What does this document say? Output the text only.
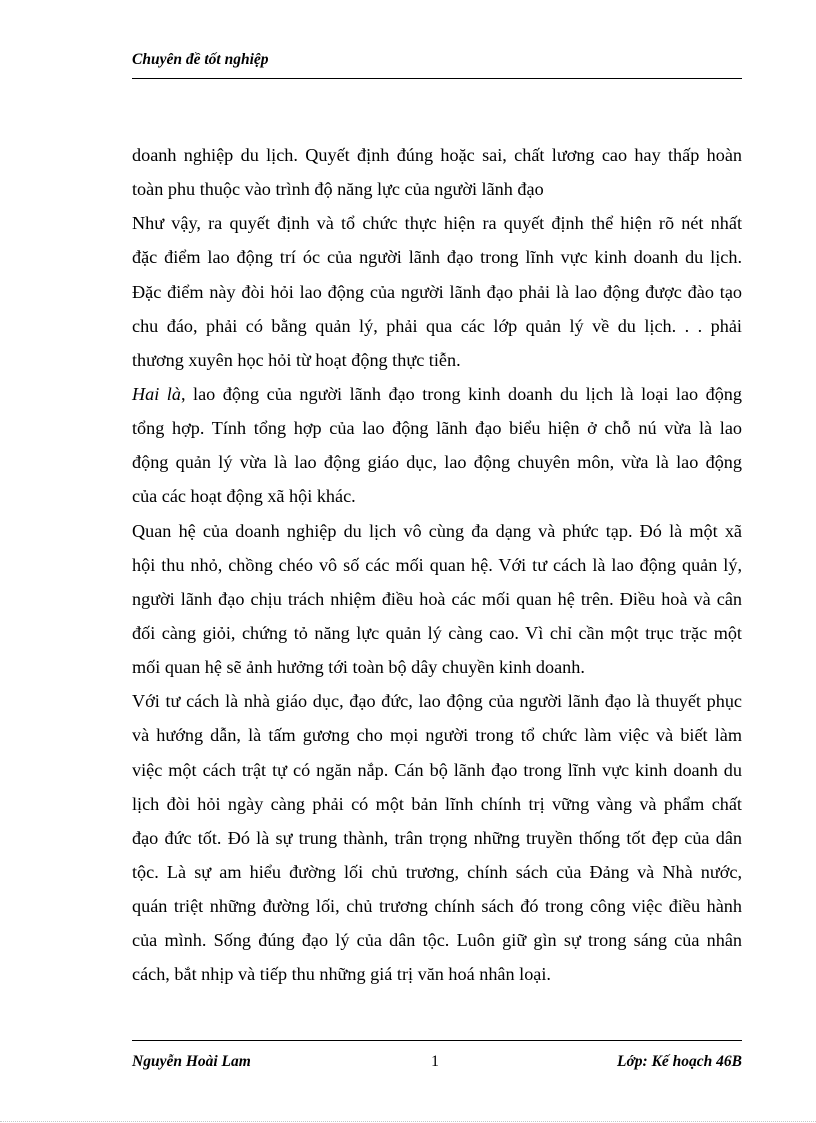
Chuyên đề tốt nghiệp
doanh nghiệp du lịch. Quyết định đúng hoặc sai, chất lương cao hay thấp hoàn
toàn phu thuộc vào trình độ năng lực của người lãnh đạo
Như vậy, ra quyết định và tổ chức thực hiện ra quyết định thể hiện rõ nét nhất
đặc điểm lao động trí óc của người lãnh đạo trong lĩnh vực kinh doanh du lịch.
Đặc điểm này đòi hỏi lao động của người lãnh đạo phải là lao động được đào tạo
chu đáo, phải có bằng quản lý, phải qua các lớp quản lý về du lịch. . . phải
thương xuyên học hỏi từ hoạt động thực tiễn.
Hai là, lao động của người lãnh đạo trong kinh doanh du lịch là loại lao động
tổng hợp. Tính tổng hợp của lao động lãnh đạo biểu hiện ở chỗ nú vừa là lao
động quản lý vừa là lao động giáo dục, lao động chuyên môn, vừa là lao động
của các hoạt động xã hội khác.
Quan hệ của doanh nghiệp du lịch vô cùng đa dạng và phức tạp. Đó là một xã
hội thu nhỏ, chồng chéo vô số các mối quan hệ. Với tư cách là lao động quản lý,
người lãnh đạo chịu trách nhiệm điều hoà các mối quan hệ trên. Điều hoà và cân
đối càng giỏi, chứng tỏ năng lực quản lý càng cao. Vì chỉ cần một trục trặc một
mối quan hệ sẽ ảnh hưởng tới toàn bộ dây chuyền kinh doanh.
Với tư cách là nhà giáo dục, đạo đức, lao động của người lãnh đạo là thuyết phục
và hướng dẫn, là tấm gương cho mọi người trong tổ chức làm việc và biết làm
việc một cách trật tự có ngăn nắp. Cán bộ lãnh đạo trong lĩnh vực kinh doanh du
lịch đòi hỏi ngày càng phải có một bản lĩnh chính trị vững vàng và phẩm chất
đạo đức tốt. Đó là sự trung thành, trân trọng những truyền thống tốt đẹp của dân
tộc. Là sự am hiểu đường lối chủ trương, chính sách của Đảng và Nhà nước,
quán triệt những đường lối, chủ trương chính sách đó trong công việc điều hành
của mình. Sống đúng đạo lý của dân tộc. Luôn giữ gìn sự trong sáng của nhân
cách, bắt nhịp và tiếp thu những giá trị văn hoá nhân loại.
Nguyễn Hoài Lam	1	Lớp: Kế hoạch 46B
